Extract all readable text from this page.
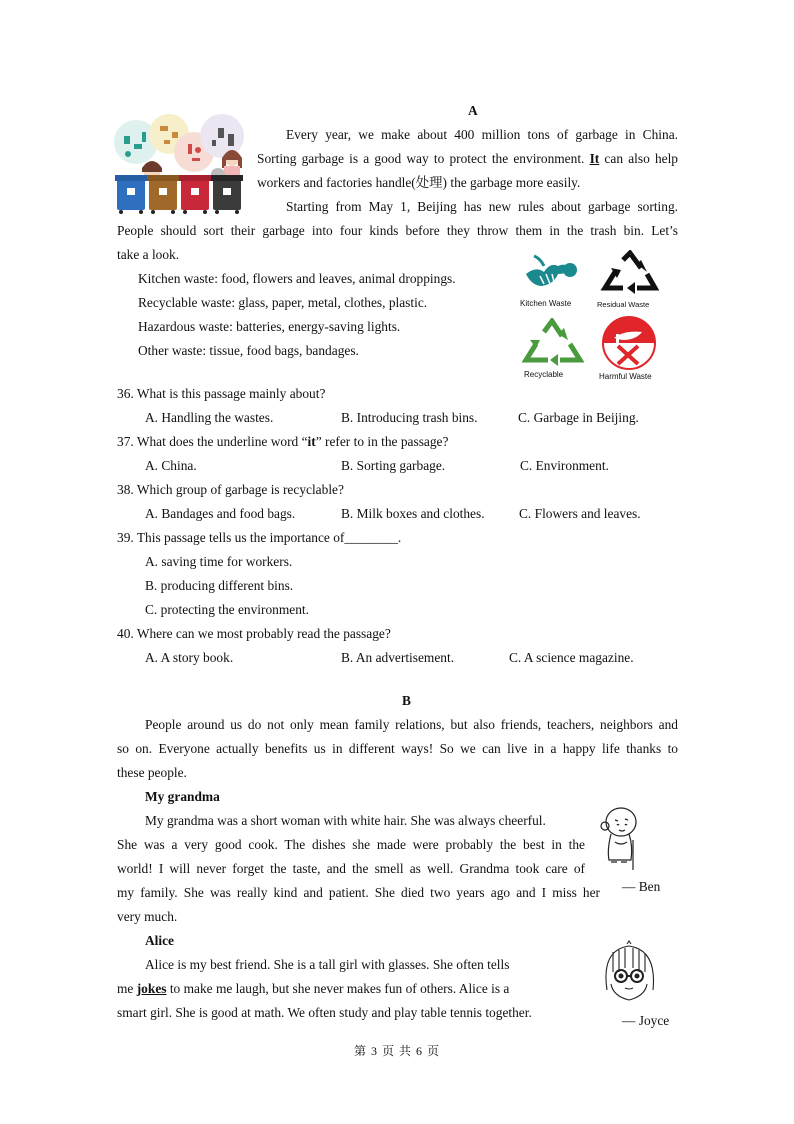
A
Every year, we make about 400 million tons of garbage in China.
Sorting garbage is a good way to protect the environment. It can also help
workers and factories handle(处理) the garbage more easily.
Starting from May 1, Beijing has new rules about garbage sorting.
People should sort their garbage into four kinds before they throw them in the trash bin. Let’s
take a look.
Kitchen waste: food, flowers and leaves, animal droppings.
Recyclable waste: glass, paper, metal, clothes, plastic.
Hazardous waste: batteries, energy-saving lights.
Other waste: tissue, food bags, bandages.
Kitchen Waste	Residual Waste
Recyclable	Harmful Waste
36. What is this passage mainly about?
A. Handling the wastes.	B. Introducing trash bins.	C. Garbage in Beijing.
37. What does the underline word “it” refer to in the passage?
A. China.	B. Sorting garbage.	C. Environment.
38. Which group of garbage is recyclable?
A. Bandages and food bags.	B. Milk boxes and clothes.	C. Flowers and leaves.
39. This passage tells us the importance of________.
A. saving time for workers.
B. producing different bins.
C. protecting the environment.
40. Where can we most probably read the passage?
A. A story book.	B. An advertisement.	C. A science magazine.
B
People around us do not only mean family relations, but also friends, teachers, neighbors and
so on. Everyone actually benefits us in different ways! So we can live in a happy life thanks to
these people.
My grandma
My grandma was a short woman with white hair. She was always cheerful.
She was a very good cook. The dishes she made were probably the best in the
world! I will never forget the taste, and the smell as well. Grandma took care of
my family. She was really kind and patient. She died two years ago and I miss her
very much.
— Ben
Alice
Alice is my best friend. She is a tall girl with glasses. She often tells
me jokes to make me laugh, but she never makes fun of others. Alice is a
smart girl. She is good at math. We often study and play table tennis together.
— Joyce
第 3 页 共 6 页
